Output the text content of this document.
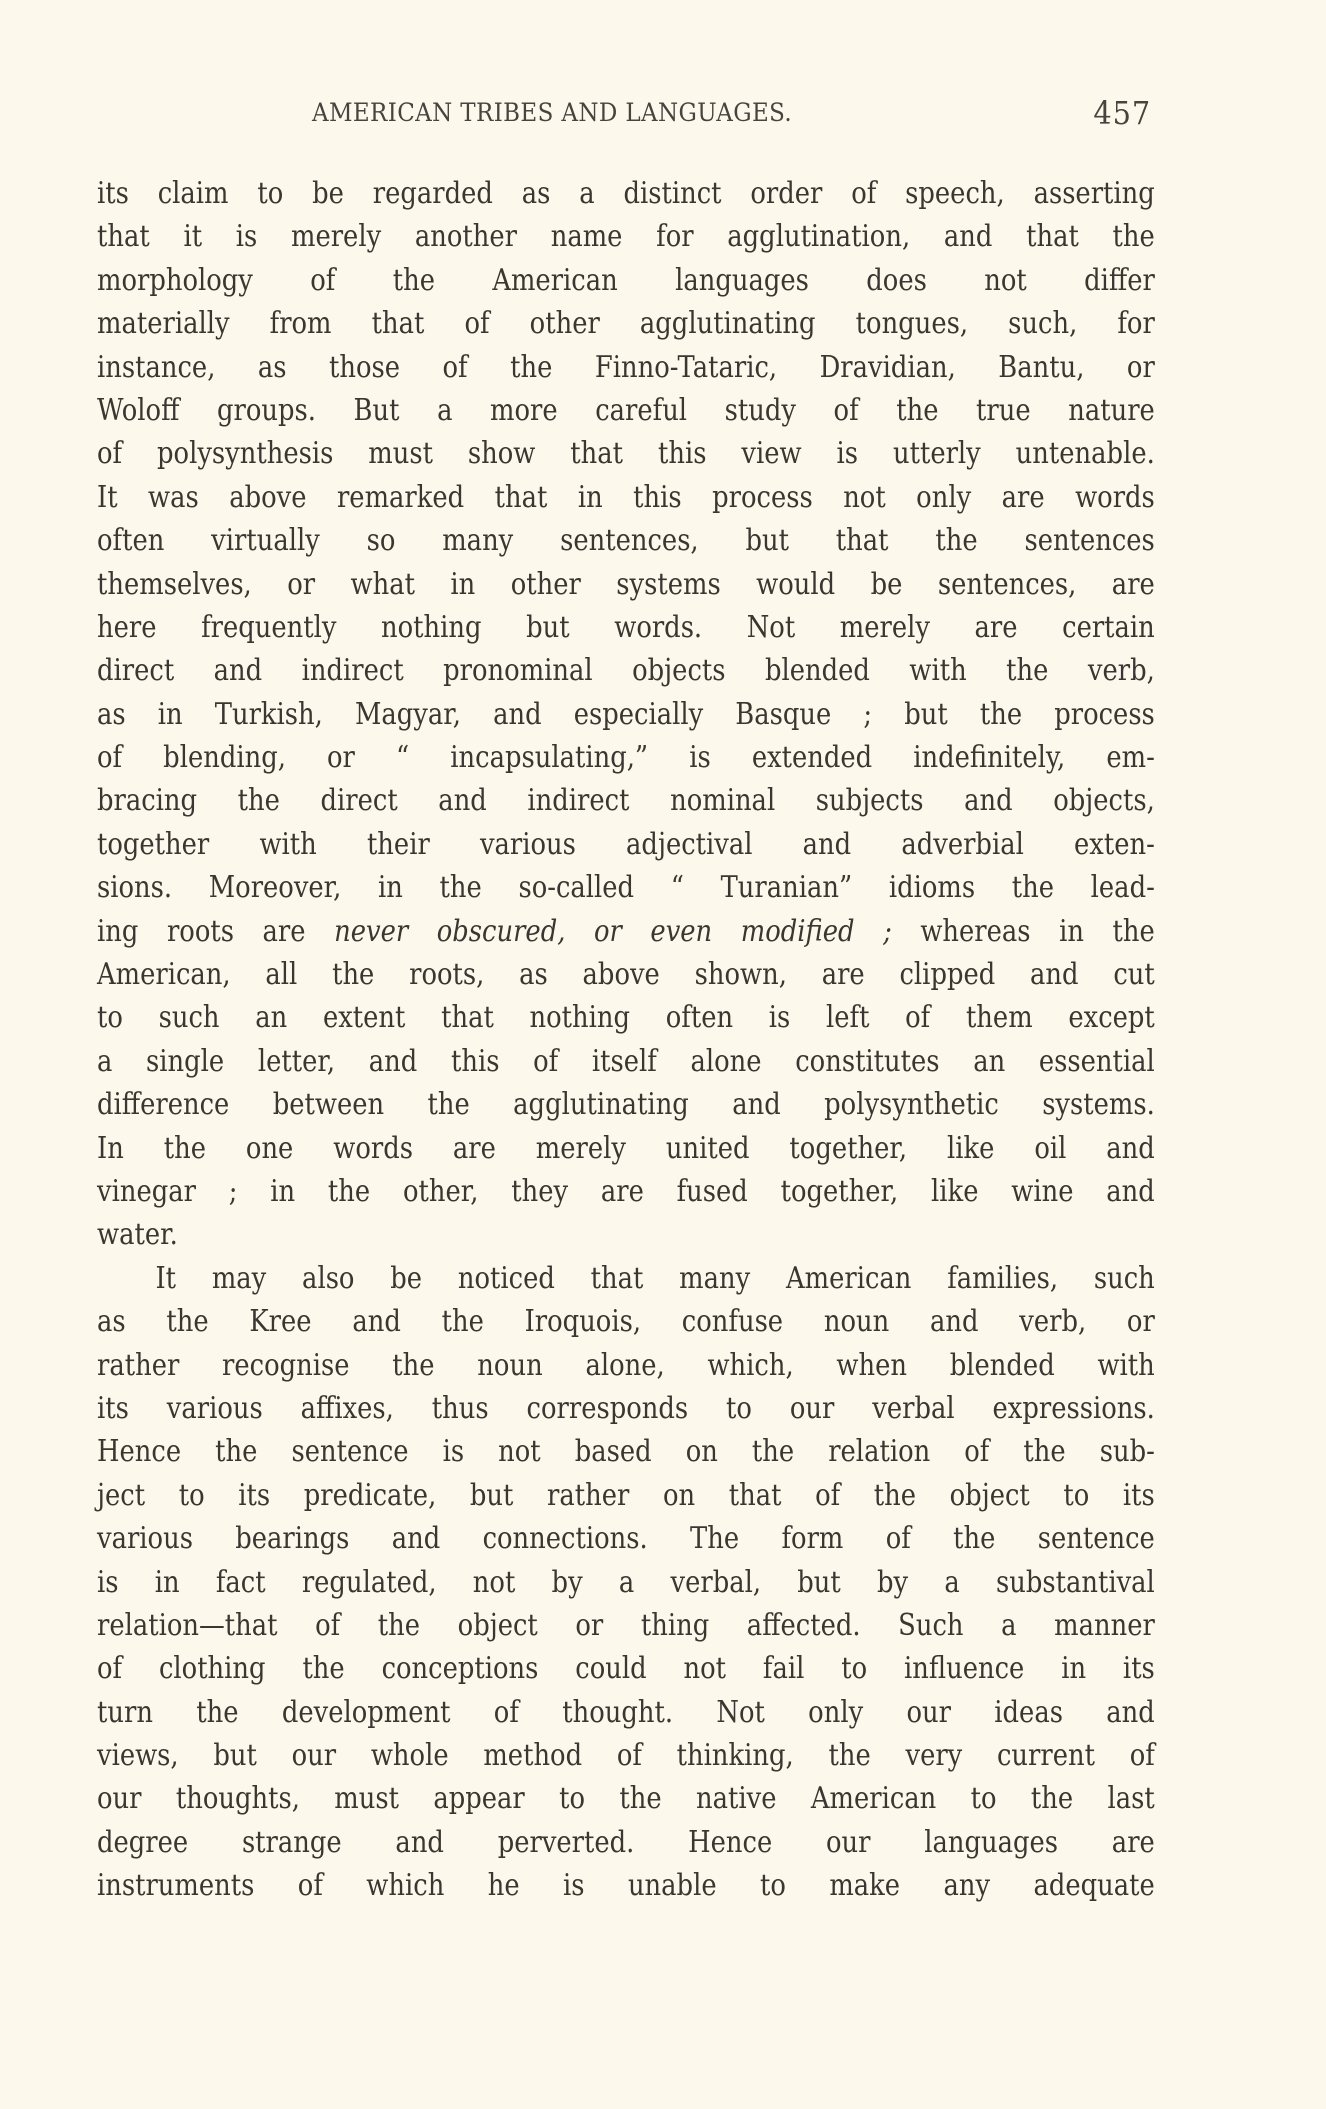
AMERICAN TRIBES AND LANGUAGES.	457
its claim to be regarded as a distinct order of speech, asserting
that it is merely another name for agglutination, and that the
morphology of the American languages does not differ
materially from that of other agglutinating tongues, such, for
instance, as those of the Finno-Tataric, Dravidian, Bantu, or
Woloff groups. But a more careful study of the true nature
of polysynthesis must show that this view is utterly untenable.
It was above remarked that in this process not only are words
often virtually so many sentences, but that the sentences
themselves, or what in other systems would be sentences, are
here frequently nothing but words. Not merely are certain
direct and indirect pronominal objects blended with the verb,
as in Turkish, Magyar, and especially Basque ; but the process
of blending, or “ incapsulating,” is extended indefinitely, em-
bracing the direct and indirect nominal subjects and objects,
together with their various adjectival and adverbial exten-
sions. Moreover, in the so-called “ Turanian” idioms the lead-
ing roots are never obscured, or even modified ; whereas in the
American, all the roots, as above shown, are clipped and cut
to such an extent that nothing often is left of them except
a single letter, and this of itself alone constitutes an essential
difference between the agglutinating and polysynthetic systems.
In the one words are merely united together, like oil and
vinegar ; in the other, they are fused together, like wine and
water.
It may also be noticed that many American families, such
as the Kree and the Iroquois, confuse noun and verb, or
rather recognise the noun alone, which, when blended with
its various affixes, thus corresponds to our verbal expressions.
Hence the sentence is not based on the relation of the sub-
ject to its predicate, but rather on that of the object to its
various bearings and connections. The form of the sentence
is in fact regulated, not by a verbal, but by a substantival
relation—that of the object or thing affected. Such a manner
of clothing the conceptions could not fail to influence in its
turn the development of thought. Not only our ideas and
views, but our whole method of thinking, the very current of
our thoughts, must appear to the native American to the last
degree strange and perverted. Hence our languages are
instruments of which he is unable to make any adequate
